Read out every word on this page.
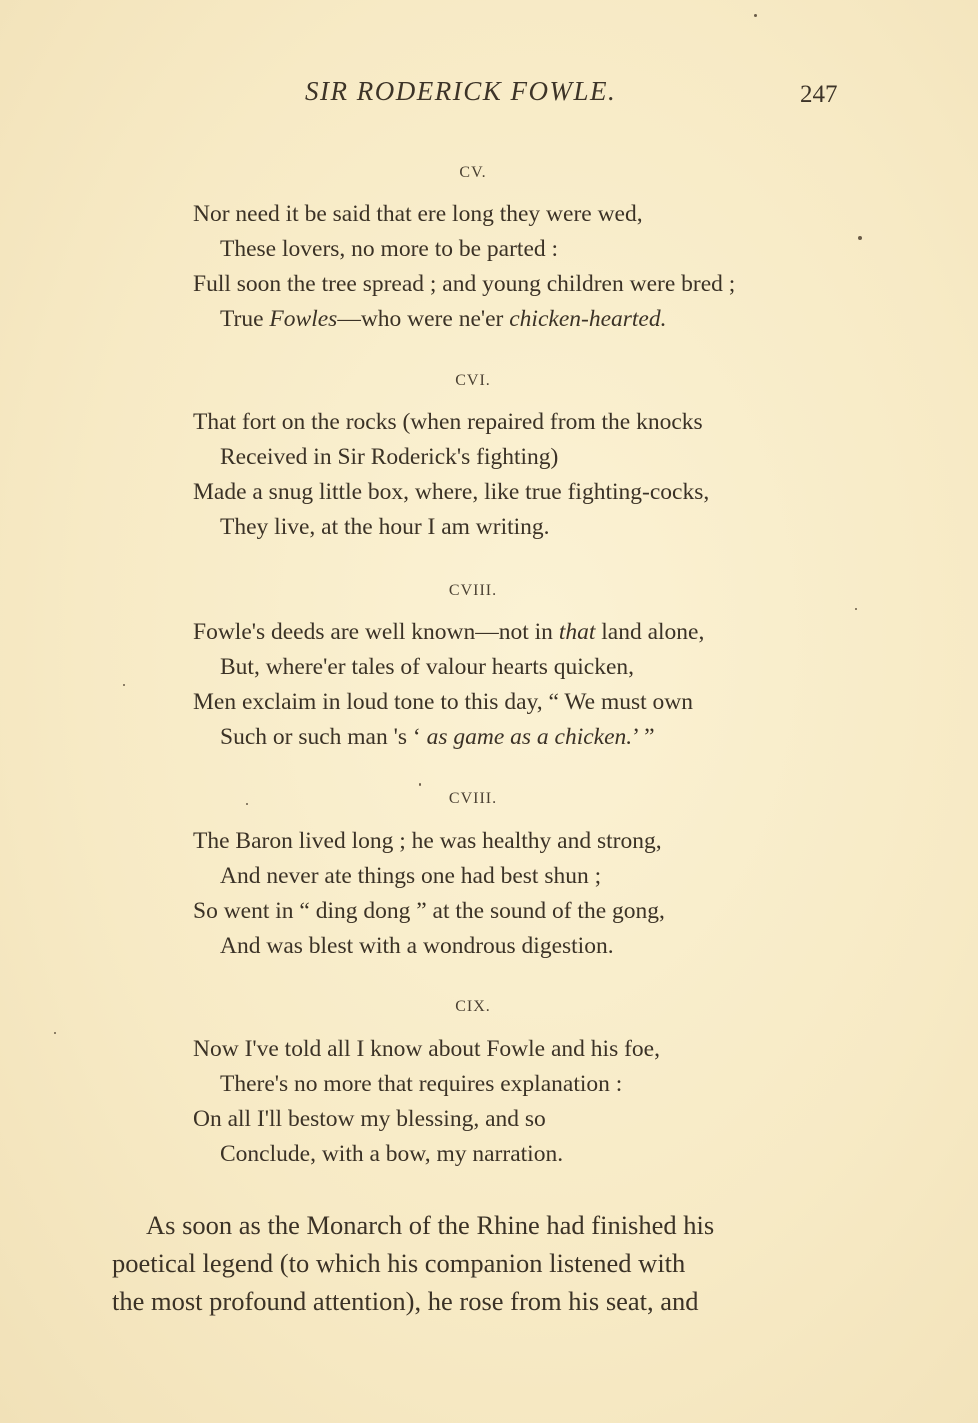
SIR RODERICK FOWLE.	247
CV.
Nor need it be said that ere long they were wed,
These lovers, no more to be parted :
Full soon the tree spread ; and young children were bred ;
True Fowles—who were ne'er chicken-hearted.
CVI.
That fort on the rocks (when repaired from the knocks
Received in Sir Roderick's fighting)
Made a snug little box, where, like true fighting-cocks,
They live, at the hour I am writing.
CVIII.
Fowle's deeds are well known—not in that land alone,
But, where'er tales of valour hearts quicken,
Men exclaim in loud tone to this day, “ We must own
Such or such man 's ‘ as game as a chicken.’ ”
CVIII.
The Baron lived long ; he was healthy and strong,
And never ate things one had best shun ;
So went in “ ding dong ” at the sound of the gong,
And was blest with a wondrous digestion.
CIX.
Now I've told all I know about Fowle and his foe,
There's no more that requires explanation :
On all I'll bestow my blessing, and so
Conclude, with a bow, my narration.
As soon as the Monarch of the Rhine had finished his
poetical legend (to which his companion listened with
the most profound attention), he rose from his seat, and
